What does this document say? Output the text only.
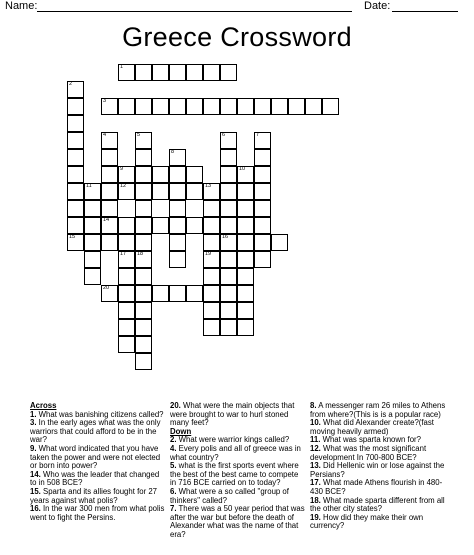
Name:	Date:
Greece Crossword
1
2
15
3
4
14
5
18
8
9
6
16
7
10
11	12	13
19
17
20
Across
1. What was banishing citizens called?
3. In the early ages what was the only warriors that could afford to be in the war?
9. What word indicated that you have taken the power and were not elected or born into power?
14. Who was the leader that changed to in 508 BCE?
15. Sparta and its allies fought for 27 years against what polis?
16. In the war 300 men from what polis went to fight the Persins.
20. What were the main objects that were brought to war to hurl stoned many feet?
Down
2. What were warrior kings called?
4. Every polis and all of greece was in what country?
5. what is the first sports event where the best of the best came to compete in 716 BCE carried on to today?
6. What were a so called "group of thinkers" called?
7. There was a 50 year period that was after the war but before the death of Alexander what was the name of that era?
8. A messenger ram 26 miles to Athens from where?(This is is a popular race)
10. What did Alexander create?(fast moving heavily armed)
11. What was sparta known for?
12. What was the most significant development In 700-800 BCE?
13. Did Hellenic win or lose against the Persians?
17. What made Athens flourish in 480-430 BCE?
18. What made sparta different from all the other city states?
19. How did they make their own currency?
